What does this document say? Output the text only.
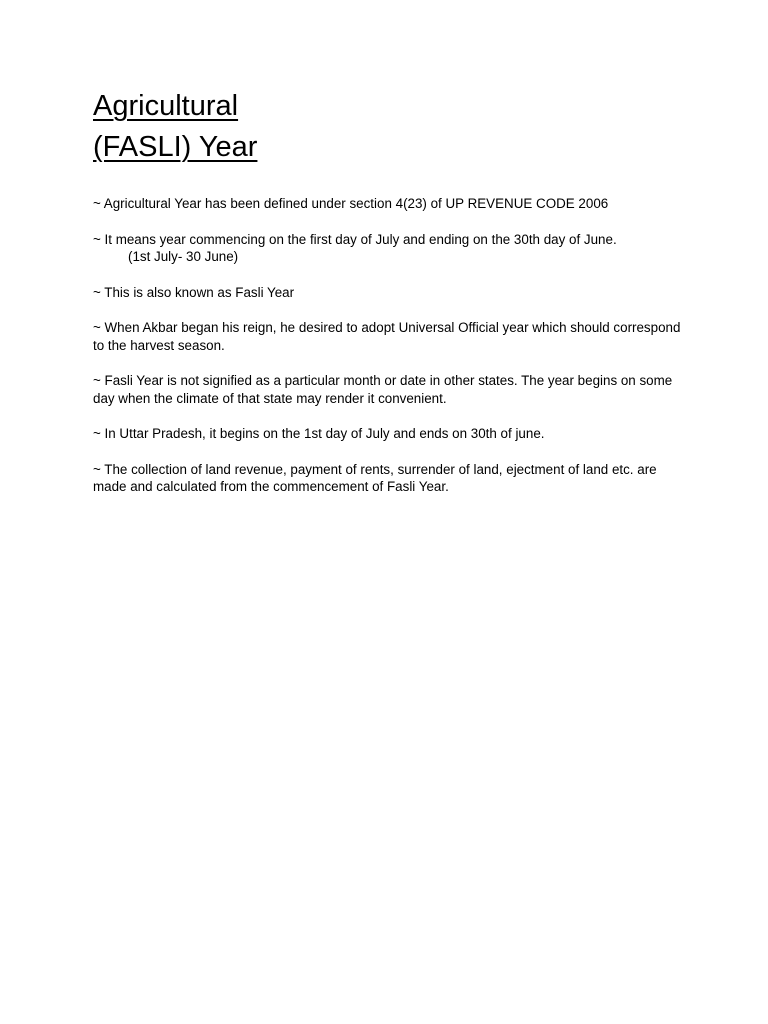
Agricultural
(FASLI) Year

~ Agricultural Year has been defined under section 4(23) of UP REVENUE CODE 2006

~ It means year commencing on the first day of July and ending on the 30th day of June.
(1st July- 30 June)

~ This is also known as Fasli Year

~ When Akbar began his reign, he desired to adopt Universal Official year which should correspond to the harvest season.

~ Fasli Year is not signified as a particular month or date in other states. The year begins on some day when the climate of that state may render it convenient.

~ In Uttar Pradesh, it begins on the 1st day of July and ends on 30th of june.

~ The collection of land revenue, payment of rents, surrender of land, ejectment of land etc. are made and calculated from the commencement of Fasli Year.
